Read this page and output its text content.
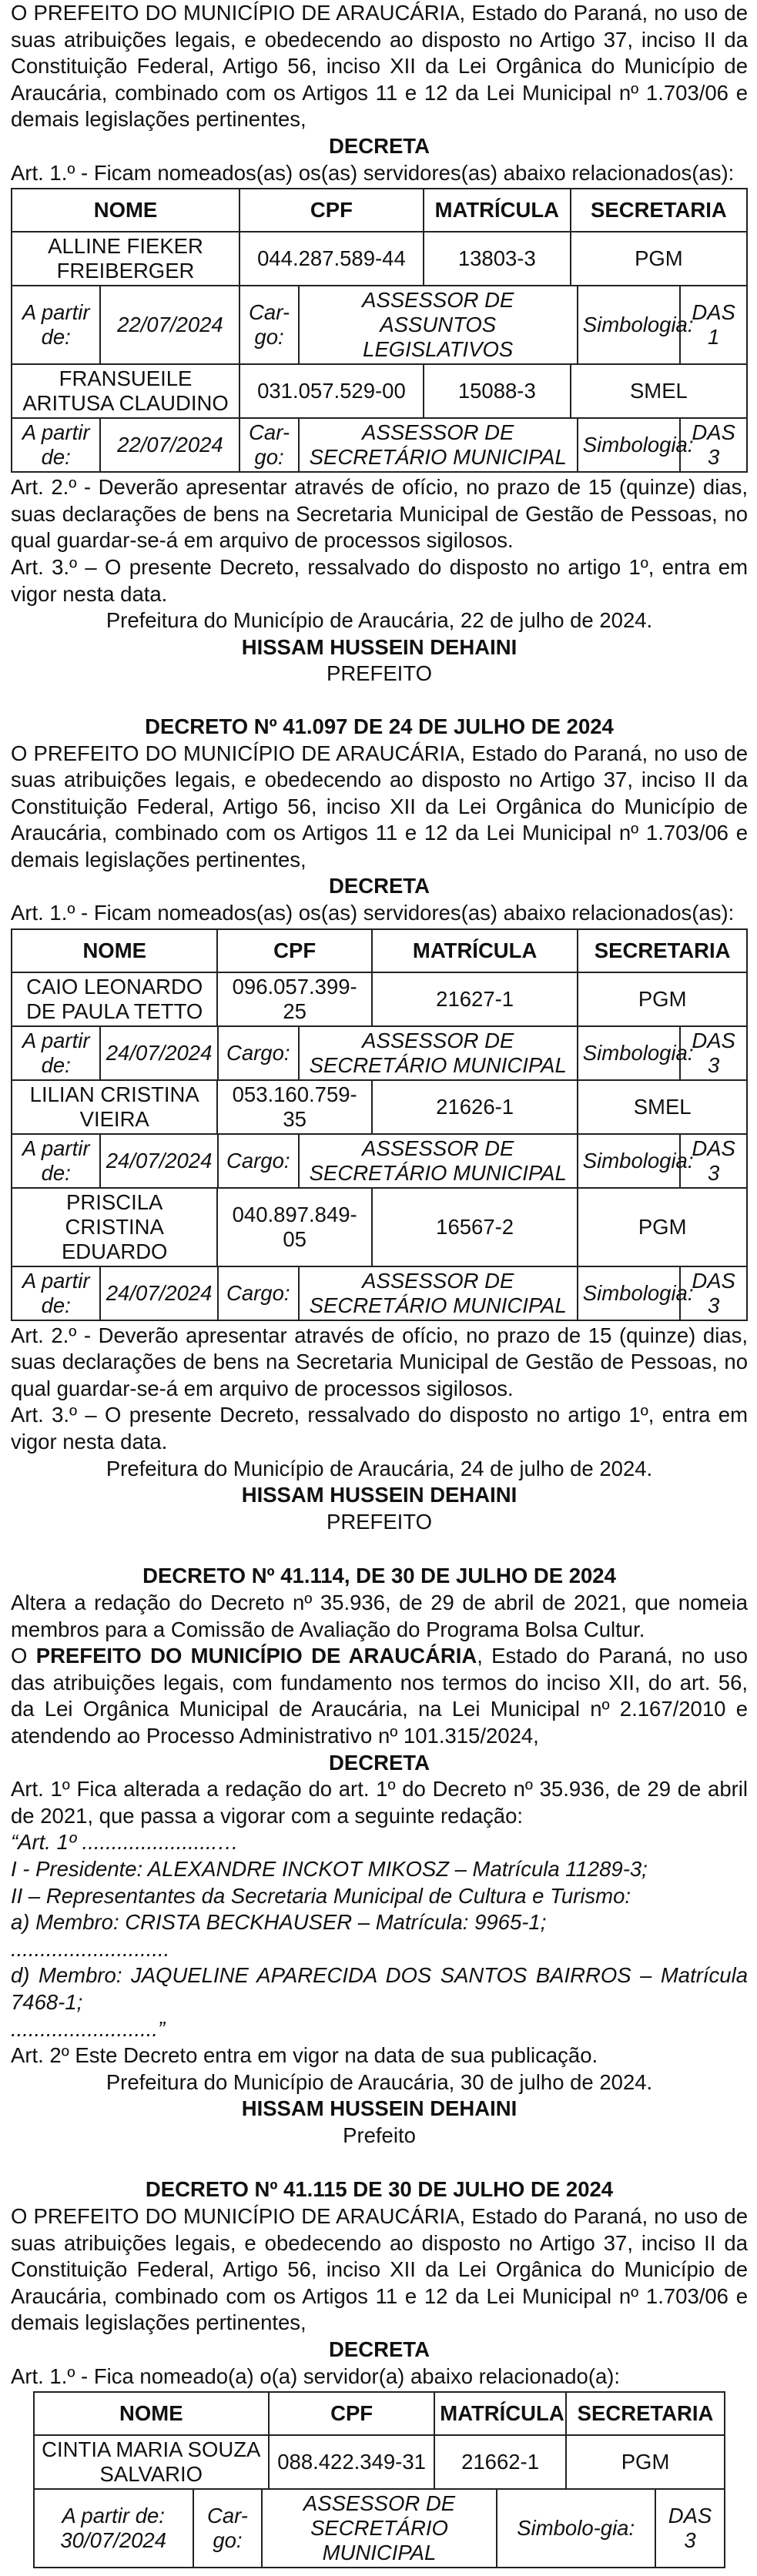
O PREFEITO DO MUNICÍPIO DE ARAUCÁRIA, Estado do Paraná, no uso de suas atribuições legais, e obedecendo ao disposto no Artigo 37, inciso II da Constituição Federal, Artigo 56, inciso XII da Lei Orgânica do Município de Araucária, combinado com os Artigos 11 e 12 da Lei Municipal nº 1.703/06 e demais legislações pertinentes,

DECRETA

Art. 1.º - Ficam nomeados(as) os(as) servidores(as) abaixo relacionados(as):

NOME	CPF	MATRÍCULA	SECRETARIA
ALLINE FIEKER FREIBERGER	044.287.589-44	13803-3	PGM

A partir de:	22/07/2024	Car-go:	ASSESSOR DE ASSUNTOS LEGISLATIVOS	Simbologia:	DAS 1

FRANSUEILE ARITUSA CLAUDINO	031.057.529-00	15088-3	SMEL

A partir de:	22/07/2024	Car-go:	ASSESSOR DE SECRETÁRIO MUNICIPAL	Simbologia:	DAS 3

Art. 2.º - Deverão apresentar através de ofício, no prazo de 15 (quinze) dias, suas declarações de bens na Secretaria Municipal de Gestão de Pessoas, no qual guardar-se-á em arquivo de processos sigilosos.

Art. 3.º – O presente Decreto, ressalvado do disposto no artigo 1º, entra em vigor nesta data.

Prefeitura do Município de Araucária, 22 de julho de 2024.

HISSAM HUSSEIN DEHAINI

PREFEITO

DECRETO Nº 41.097 DE 24 DE JULHO DE 2024

O PREFEITO DO MUNICÍPIO DE ARAUCÁRIA, Estado do Paraná, no uso de suas atribuições legais, e obedecendo ao disposto no Artigo 37, inciso II da Constituição Federal, Artigo 56, inciso XII da Lei Orgânica do Município de Araucária, combinado com os Artigos 11 e 12 da Lei Municipal nº 1.703/06 e demais legislações pertinentes,

DECRETA

Art. 1.º - Ficam nomeados(as) os(as) servidores(as) abaixo relacionados(as):

NOME	CPF	MATRÍCULA	SECRETARIA
CAIO LEONARDO DE PAULA TETTO	096.057.399-25	21627-1	PGM

A partir de:	24/07/2024	Cargo:	ASSESSOR DE SECRETÁRIO MUNICIPAL	Simbologia:	DAS 3

LILIAN CRISTINA VIEIRA	053.160.759-35	21626-1	SMEL

A partir de:	24/07/2024	Cargo:	ASSESSOR DE SECRETÁRIO MUNICIPAL	Simbologia:	DAS 3

PRISCILA CRISTINA EDUARDO	040.897.849-05	16567-2	PGM

A partir de:	24/07/2024	Cargo:	ASSESSOR DE SECRETÁRIO MUNICIPAL	Simbologia:	DAS 3

Art. 2.º - Deverão apresentar através de ofício, no prazo de 15 (quinze) dias, suas declarações de bens na Secretaria Municipal de Gestão de Pessoas, no qual guardar-se-á em arquivo de processos sigilosos.

Art. 3.º – O presente Decreto, ressalvado do disposto no artigo 1º, entra em vigor nesta data.

Prefeitura do Município de Araucária, 24 de julho de 2024.

HISSAM HUSSEIN DEHAINI

PREFEITO

DECRETO Nº 41.114, DE 30 DE JULHO DE 2024

Altera a redação do Decreto nº 35.936, de 29 de abril de 2021, que nomeia membros para a Comissão de Avaliação do Programa Bolsa Cultur.

O PREFEITO DO MUNICÍPIO DE ARAUCÁRIA, Estado do Paraná, no uso das atribuições legais, com fundamento nos termos do inciso XII, do art. 56, da Lei Orgânica Municipal de Araucária, na Lei Municipal nº 2.167/2010 e atendendo ao Processo Administrativo nº 101.315/2024,

DECRETA

Art. 1º Fica alterada a redação do art. 1º do Decreto nº 35.936, de 29 de abril de 2021, que passa a vigorar com a seguinte redação:

“Art. 1º .......................…

I - Presidente: ALEXANDRE INCKOT MIKOSZ – Matrícula 11289-3;

II – Representantes da Secretaria Municipal de Cultura e Turismo:

a) Membro: CRISTA BECKHAUSER – Matrícula: 9965-1;

...........................

d) Membro: JAQUELINE APARECIDA DOS SANTOS BAIRROS – Matrícula 7468-1;

.........................”

Art. 2º Este Decreto entra em vigor na data de sua publicação.

Prefeitura do Município de Araucária, 30 de julho de 2024.

HISSAM HUSSEIN DEHAINI

Prefeito

DECRETO Nº 41.115 DE 30 DE JULHO DE 2024

O PREFEITO DO MUNICÍPIO DE ARAUCÁRIA, Estado do Paraná, no uso de suas atribuições legais, e obedecendo ao disposto no Artigo 37, inciso II da Constituição Federal, Artigo 56, inciso XII da Lei Orgânica do Município de Araucária, combinado com os Artigos 11 e 12 da Lei Municipal nº 1.703/06 e demais legislações pertinentes,

DECRETA

Art. 1.º - Fica nomeado(a) o(a) servidor(a) abaixo relacionado(a):

NOME	CPF	MATRÍCULA	SECRETARIA
CINTIA MARIA SOUZA SALVARIO	088.422.349-31	21662-1	PGM

A partir de: 30/07/2024	Car-go:	ASSESSOR DE SECRETÁRIO MUNICIPAL	Simbolo-gia:	DAS 3
